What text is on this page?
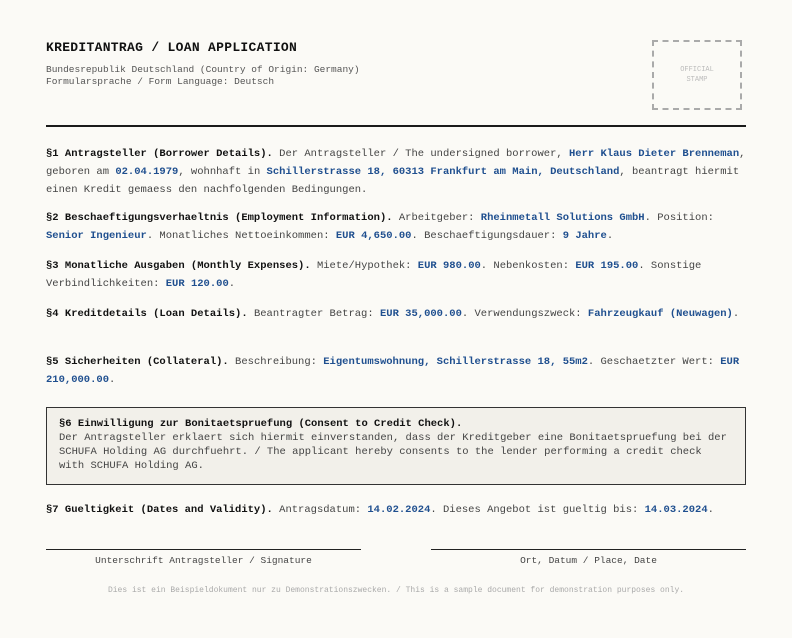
KREDITANTRAG / LOAN APPLICATION
Bundesrepublik Deutschland (Country of Origin: Germany)
Formularsprache / Form Language: Deutsch
OFFICIAL
STAMP
§1 Antragsteller (Borrower Details). Der Antragsteller / The undersigned borrower, Herr Klaus Dieter Brenneman, geboren am 02.04.1979, wohnhaft in Schillerstrasse 18, 60313 Frankfurt am Main, Deutschland, beantragt hiermit einen Kredit gemaess den nachfolgenden Bedingungen.
§2 Beschaeftigungsverhaeltnis (Employment Information). Arbeitgeber: Rheinmetall Solutions GmbH. Position: Senior Ingenieur. Monatliches Nettoeinkommen: EUR 4,650.00. Beschaeftigungsdauer: 9 Jahre.
§3 Monatliche Ausgaben (Monthly Expenses). Miete/Hypothek: EUR 980.00. Nebenkosten: EUR 195.00. Sonstige Verbindlichkeiten: EUR 120.00.
§4 Kreditdetails (Loan Details). Beantragter Betrag: EUR 35,000.00. Verwendungszweck: Fahrzeugkauf (Neuwagen).
§5 Sicherheiten (Collateral). Beschreibung: Eigentumswohnung, Schillerstrasse 18, 55m2. Geschaetzter Wert: EUR 210,000.00.
§6 Einwilligung zur Bonitaetspruefung (Consent to Credit Check).
Der Antragsteller erklaert sich hiermit einverstanden, dass der Kreditgeber eine Bonitaetspruefung bei der SCHUFA Holding AG durchfuehrt. / The applicant hereby consents to the lender performing a credit check with SCHUFA Holding AG.
§7 Gueltigkeit (Dates and Validity). Antragsdatum: 14.02.2024. Dieses Angebot ist gueltig bis: 14.03.2024.
Unterschrift Antragsteller / Signature	Ort, Datum / Place, Date
Dies ist ein Beispieldokument nur zu Demonstrationszwecken. / This is a sample document for demonstration purposes only.
